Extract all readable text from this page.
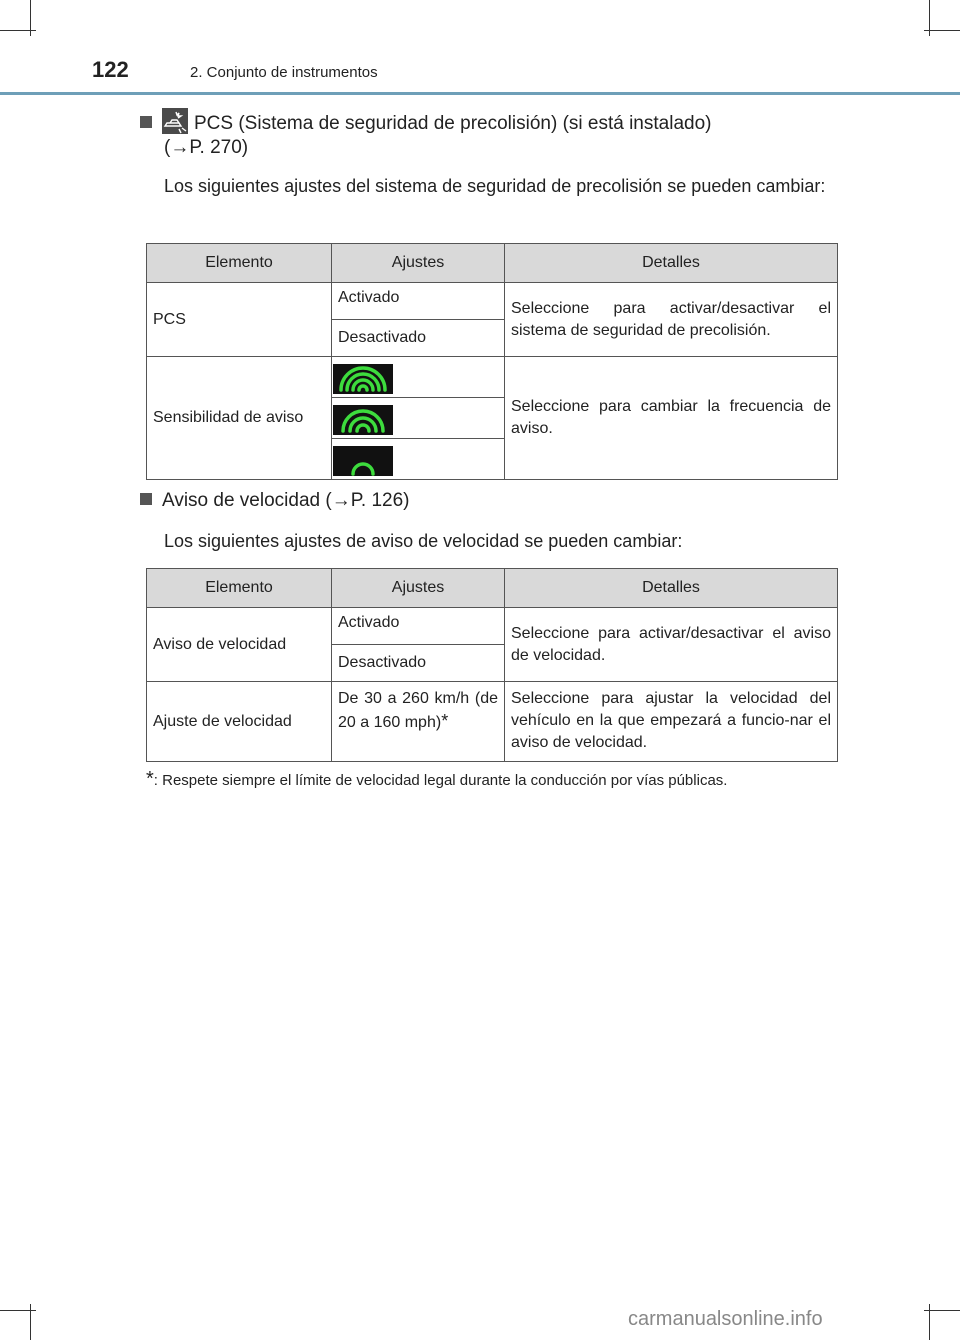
122	2. Conjunto de instrumentos
PCS (Sistema de seguridad de precolisión) (si está instalado)
(→P. 270)
Los siguientes ajustes del sistema de seguridad de precolisión se pueden cambiar:
Elemento	Ajustes	Detalles
PCS	Activado	Seleccione para activar/desactivar el sistema de seguridad de precolisión.
	Desactivado	
Sensibilidad de aviso		Seleccione para cambiar la frecuencia de aviso.

Aviso de velocidad (→P. 126)
Los siguientes ajustes de aviso de velocidad se pueden cambiar:
Elemento	Ajustes	Detalles
Aviso de velocidad	Activado	Seleccione para activar/desactivar el aviso de velocidad.
	Desactivado	
Ajuste de velocidad	De 30 a 260 km/h (de 20 a 160 mph)*	Seleccione para ajustar la velocidad del vehículo en la que empezará a funcio-nar el aviso de velocidad.
*: Respete siempre el límite de velocidad legal durante la conducción por vías públicas.
carmanualsonline.info
